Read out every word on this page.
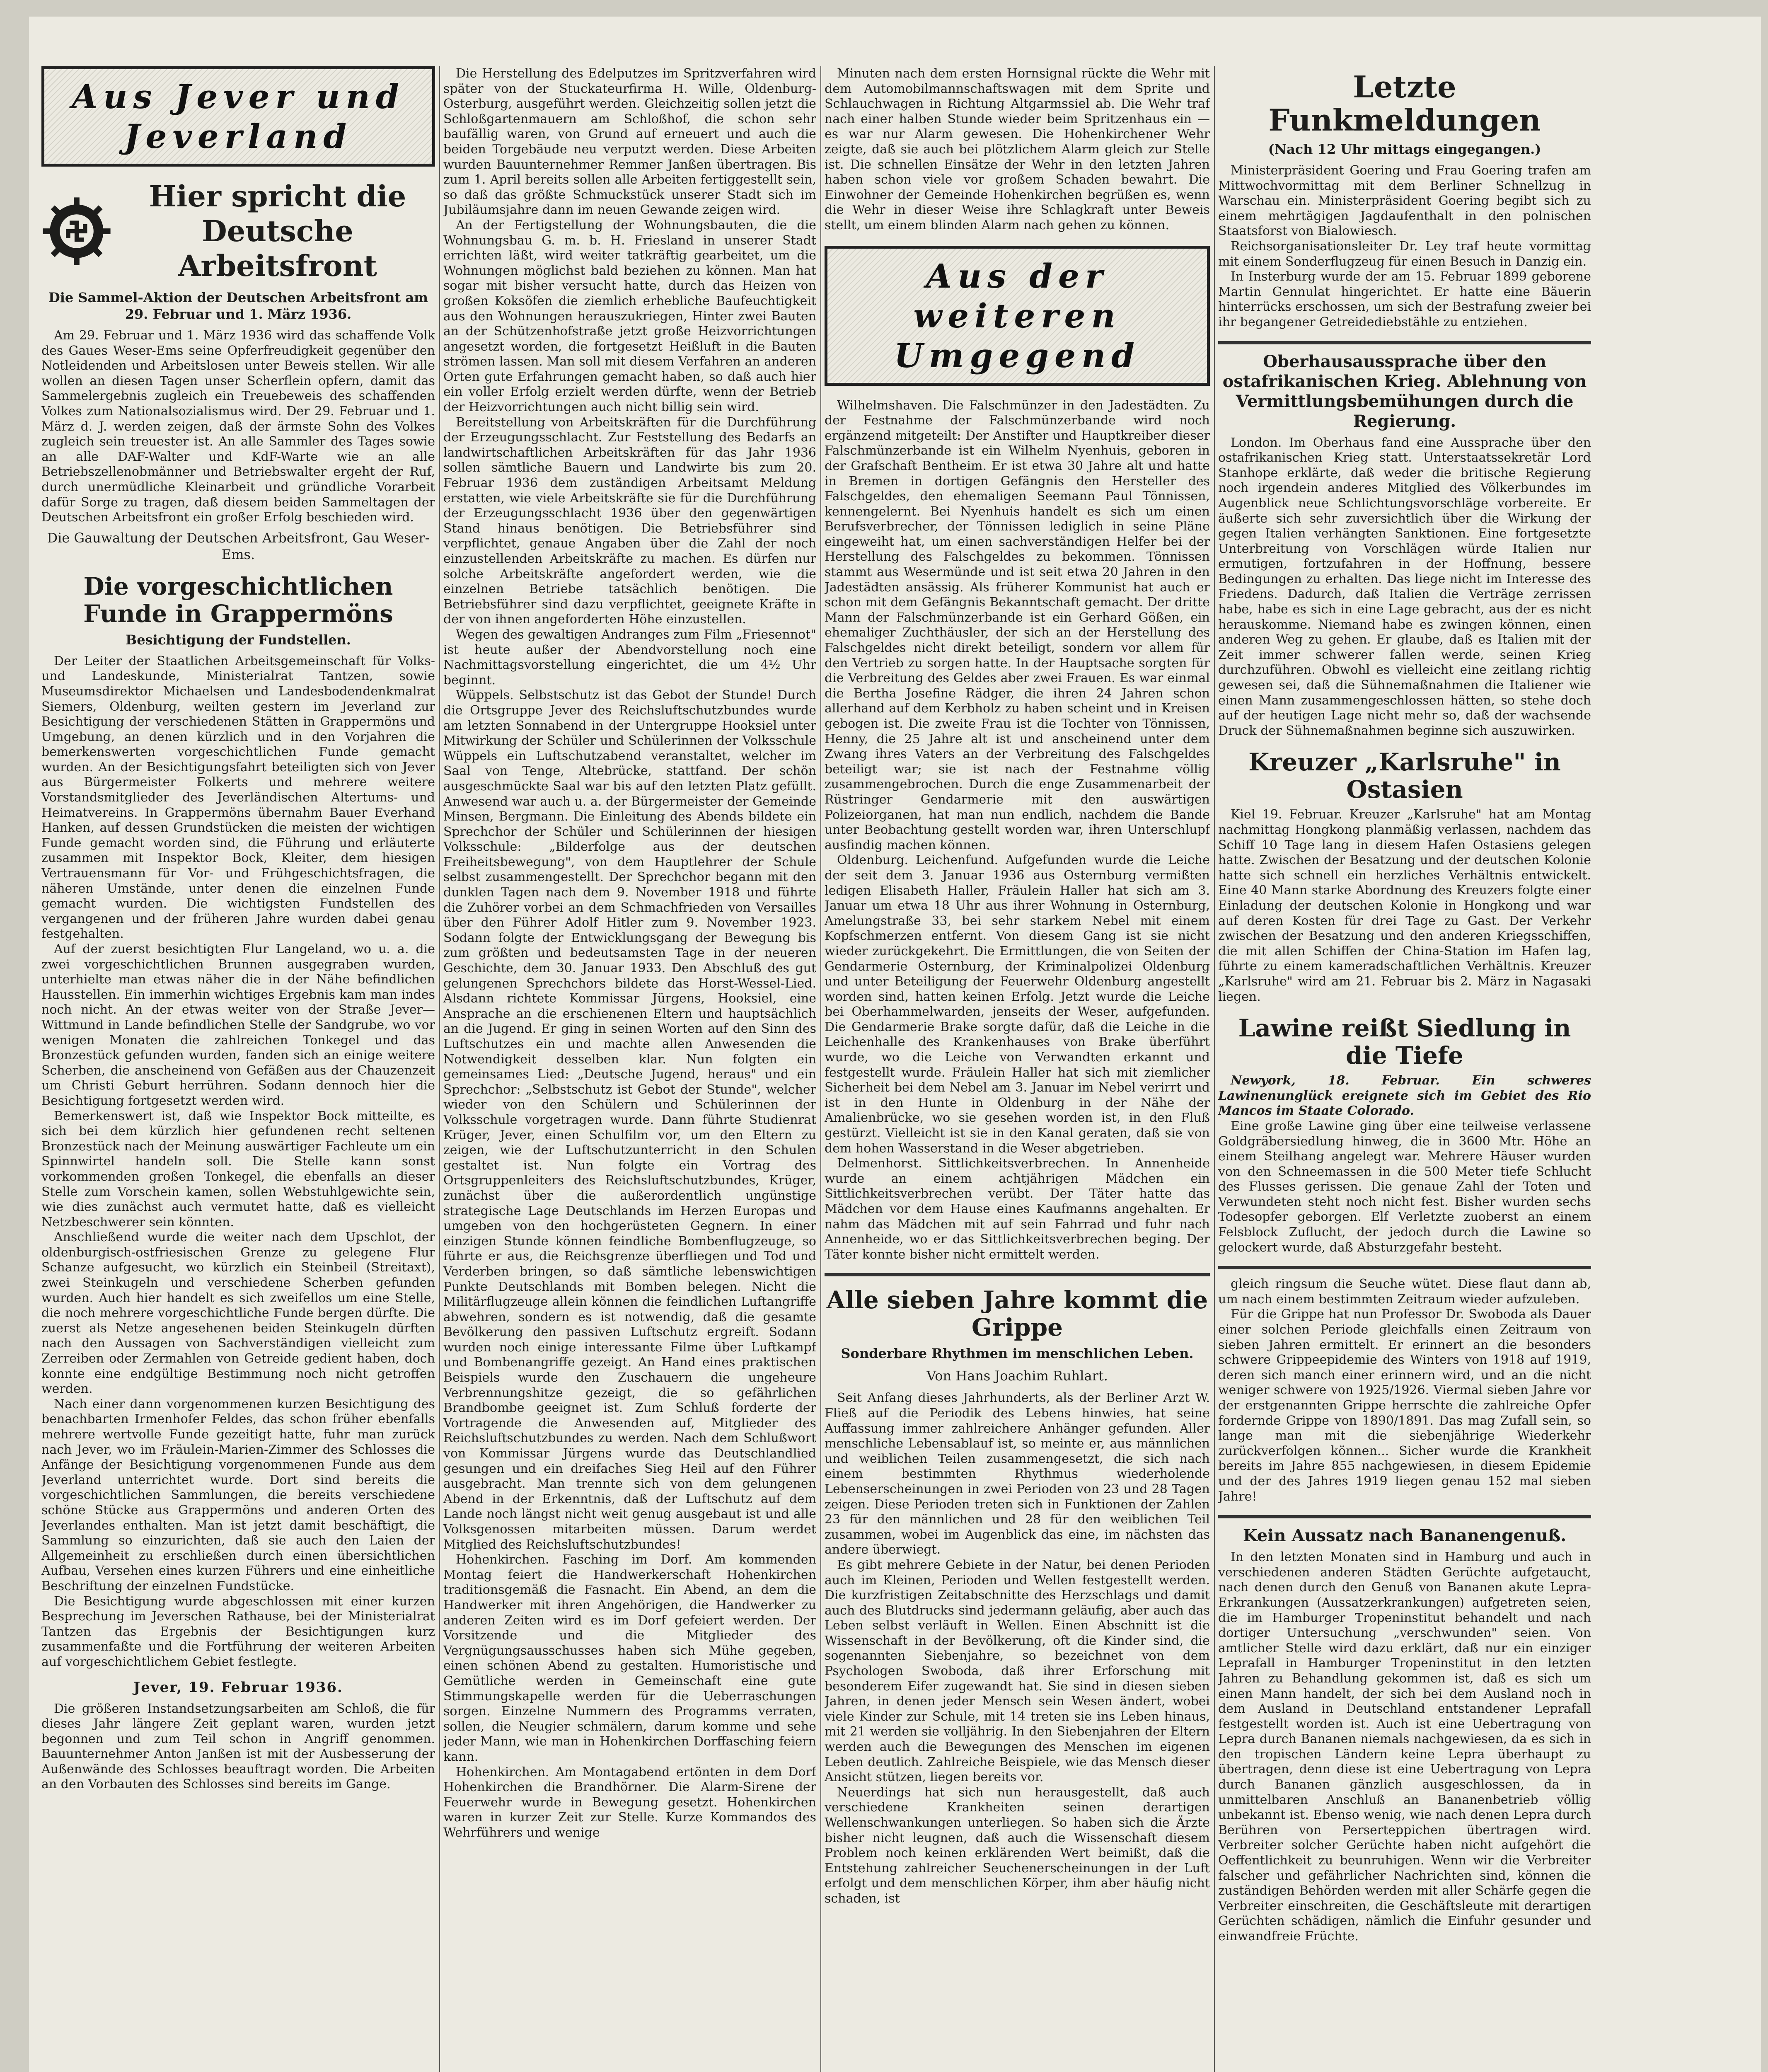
Aus Jever und Jeverland
Hier spricht die Deutsche Arbeitsfront
Die Sammel-Aktion der Deutschen Arbeitsfront am 29. Februar und 1. März 1936.

Am 29. Februar und 1. März 1936 wird das schaffende Volk des Gaues Weser-Ems seine Opferfreudigkeit gegenüber den Notleidenden und Arbeitslosen unter Beweis stellen. Wir alle wollen an diesen Tagen unser Scherflein opfern, damit das Sammelergebnis zugleich ein Treuebeweis des schaffenden Volkes zum Nationalsozialismus wird. Der 29. Februar und 1. März d. J. werden zeigen, daß der ärmste Sohn des Volkes zugleich sein treuester ist. An alle Sammler des Tages sowie an alle DAF-Walter und KdF-Warte wie an alle Betriebszellenobmänner und Betriebswalter ergeht der Ruf, durch unermüdliche Kleinarbeit und gründliche Vorarbeit dafür Sorge zu tragen, daß diesem beiden Sammeltagen der Deutschen Arbeitsfront ein großer Erfolg beschieden wird.

Die Gauwaltung der Deutschen Arbeitsfront, Gau Weser-Ems.
Die vorgeschichtlichen Funde in Grappermöns
Besichtigung der Fundstellen.

Der Leiter der Staatlichen Arbeitsgemeinschaft für Volks- und Landeskunde, Ministerialrat Tantzen, sowie Museumsdirektor Michaelsen und Landesbodendenkmalrat Siemers, Oldenburg, weilten gestern im Jeverland zur Besichtigung der verschiedenen Stätten in Grappermöns und Umgebung, an denen kürzlich und in den Vorjahren die bemerkenswerten vorgeschichtlichen Funde gemacht wurden. An der Besichtigungsfahrt beteiligten sich von Jever aus Bürgermeister Folkerts und mehrere weitere Vorstandsmitglieder des Jeverländischen Altertums- und Heimatvereins. In Grappermöns übernahm Bauer Everhand Hanken, auf dessen Grundstücken die meisten der wichtigen Funde gemacht worden sind, die Führung und erläuterte zusammen mit Inspektor Bock, Kleiter, dem hiesigen Vertrauensmann für Vor- und Frühgeschichtsfragen, die näheren Umstände, unter denen die einzelnen Funde gemacht wurden. Die wichtigsten Fundstellen des vergangenen und der früheren Jahre wurden dabei genau festgehalten.

Auf der zuerst besichtigten Flur Langeland, wo u. a. die zwei vorgeschichtlichen Brunnen ausgegraben wurden, unterhielte man etwas näher die in der Nähe befindlichen Hausstellen. Ein immerhin wichtiges Ergebnis kam man indes noch nicht. An der etwas weiter von der Straße Jever—Wittmund in Lande befindlichen Stelle der Sandgrube, wo vor wenigen Monaten die zahlreichen Tonkegel und das Bronzestück gefunden wurden, fanden sich an einige weitere Scherben, die anscheinend von Gefäßen aus der Chauzenzeit um Christi Geburt herrühren. Sodann dennoch hier die Besichtigung fortgesetzt werden wird.

Bemerkenswert ist, daß wie Inspektor Bock mitteilte, es sich bei dem kürzlich hier gefundenen recht seltenen Bronzestück nach der Meinung auswärtiger Fachleute um ein Spinnwirtel handeln soll. Die Stelle kann sonst vorkommenden großen Tonkegel, die ebenfalls an dieser Stelle zum Vorschein kamen, sollen Webstuhlgewichte sein, wie dies zunächst auch vermutet hatte, daß es vielleicht Netzbeschwerer sein könnten.

Anschließend wurde die weiter nach dem Upschlot, der oldenburgisch-ostfriesischen Grenze zu gelegene Flur Schanze aufgesucht, wo kürzlich ein Steinbeil (Streitaxt), zwei Steinkugeln und verschiedene Scherben gefunden wurden. Auch hier handelt es sich zweifellos um eine Stelle, die noch mehrere vorgeschichtliche Funde bergen dürfte. Die zuerst als Netze angesehenen beiden Steinkugeln dürften nach den Aussagen von Sachverständigen vielleicht zum Zerreiben oder Zermahlen von Getreide gedient haben, doch konnte eine endgültige Bestimmung noch nicht getroffen werden.

Nach einer dann vorgenommenen kurzen Besichtigung des benachbarten Irmenhofer Feldes, das schon früher ebenfalls mehrere wertvolle Funde gezeitigt hatte, fuhr man zurück nach Jever, wo im Fräulein-Marien-Zimmer des Schlosses die Anfänge der Besichtigung vorgenommenen Funde aus dem Jeverland unterrichtet wurde. Dort sind bereits die vorgeschichtlichen Sammlungen, die bereits verschiedene schöne Stücke aus Grappermöns und anderen Orten des Jeverlandes enthalten. Man ist jetzt damit beschäftigt, die Sammlung so einzurichten, daß sie auch den Laien der Allgemeinheit zu erschließen durch einen übersichtlichen Aufbau, Versehen eines kurzen Führers und eine einheitliche Beschriftung der einzelnen Fundstücke.

Die Besichtigung wurde abgeschlossen mit einer kurzen Besprechung im Jeverschen Rathause, bei der Ministerialrat Tantzen das Ergebnis der Besichtigungen kurz zusammenfaßte und die Fortführung der weiteren Arbeiten auf vorgeschichtlichem Gebiet festlegte.

Jever, 19. Februar 1936.

Die größeren Instandsetzungsarbeiten am Schloß, die für dieses Jahr längere Zeit geplant waren, wurden jetzt begonnen und zum Teil schon in Angriff genommen. Bauunternehmer Anton Janßen ist mit der Ausbesserung der Außenwände des Schlosses beauftragt worden. Die Arbeiten an den Vorbauten des Schlosses sind bereits im Gange.

Die Herstellung des Edelputzes im Spritzverfahren wird später von der Stuckateurfirma H. Wille, Oldenburg-Osterburg, ausgeführt werden. Gleichzeitig sollen jetzt die Schloßgartenmauern am Schloßhof, die schon sehr baufällig waren, von Grund auf erneuert und auch die beiden Torgebäude neu verputzt werden. Diese Arbeiten wurden Bauunternehmer Remmer Janßen übertragen. Bis zum 1. April bereits sollen alle Arbeiten fertiggestellt sein, so daß das größte Schmuckstück unserer Stadt sich im Jubiläumsjahre dann im neuen Gewande zeigen wird.

An der Fertigstellung der Wohnungsbauten, die die Wohnungsbau G. m. b. H. Friesland in unserer Stadt errichten läßt, wird weiter tatkräftig gearbeitet, um die Wohnungen möglichst bald beziehen zu können. Man hat sogar mit bisher versucht hatte, durch das Heizen von großen Koksöfen die ziemlich erhebliche Baufeuchtigkeit aus den Wohnungen herauszukriegen, Hinter zwei Bauten an der Schützenhofstraße jetzt große Heizvorrichtungen angesetzt worden, die fortgesetzt Heißluft in die Bauten strömen lassen. Man soll mit diesem Verfahren an anderen Orten gute Erfahrungen gemacht haben, so daß auch hier ein voller Erfolg erzielt werden dürfte, wenn der Betrieb der Heizvorrichtungen auch nicht billig sein wird.

Bereitstellung von Arbeitskräften für die Durchführung der Erzeugungsschlacht. Zur Feststellung des Bedarfs an landwirtschaftlichen Arbeitskräften für das Jahr 1936 sollen sämtliche Bauern und Landwirte bis zum 20. Februar 1936 dem zuständigen Arbeitsamt Meldung erstatten, wie viele Arbeitskräfte sie für die Durchführung der Erzeugungsschlacht 1936 über den gegenwärtigen Stand hinaus benötigen. Die Betriebsführer sind verpflichtet, genaue Angaben über die Zahl der noch einzustellenden Arbeitskräfte zu machen. Es dürfen nur solche Arbeitskräfte angefordert werden, wie die einzelnen Betriebe tatsächlich benötigen. Die Betriebsführer sind dazu verpflichtet, geeignete Kräfte in der von ihnen angeforderten Höhe einzustellen.

Wegen des gewaltigen Andranges zum Film „Friesennot" ist heute außer der Abendvorstellung noch eine Nachmittagsvorstellung eingerichtet, die um 4½ Uhr beginnt.

Wüppels. Selbstschutz ist das Gebot der Stunde! Durch die Ortsgruppe Jever des Reichsluftschutzbundes wurde am letzten Sonnabend in der Untergruppe Hooksiel unter Mitwirkung der Schüler und Schülerinnen der Volksschule Wüppels ein Luftschutzabend veranstaltet, welcher im Saal von Tenge, Altebrücke, stattfand. Der schön ausgeschmückte Saal war bis auf den letzten Platz gefüllt. Anwesend war auch u. a. der Bürgermeister der Gemeinde Minsen, Bergmann. Die Einleitung des Abends bildete ein Sprechchor der Schüler und Schülerinnen der hiesigen Volksschule: „Bilderfolge aus der deutschen Freiheitsbewegung", von dem Hauptlehrer der Schule selbst zusammengestellt. Der Sprechchor begann mit den dunklen Tagen nach dem 9. November 1918 und führte die Zuhörer vorbei an dem Schmachfrieden von Versailles über den Führer Adolf Hitler zum 9. November 1923. Sodann folgte der Entwicklungsgang der Bewegung bis zum größten und bedeutsamsten Tage in der neueren Geschichte, dem 30. Januar 1933. Den Abschluß des gut gelungenen Sprechchors bildete das Horst-Wessel-Lied. Alsdann richtete Kommissar Jürgens, Hooksiel, eine Ansprache an die erschienenen Eltern und hauptsächlich an die Jugend. Er ging in seinen Worten auf den Sinn des Luftschutzes ein und machte allen Anwesenden die Notwendigkeit desselben klar. Nun folgten ein gemeinsames Lied: „Deutsche Jugend, heraus" und ein Sprechchor: „Selbstschutz ist Gebot der Stunde", welcher wieder von den Schülern und Schülerinnen der Volksschule vorgetragen wurde. Dann führte Studienrat Krüger, Jever, einen Schulfilm vor, um den Eltern zu zeigen, wie der Luftschutzunterricht in den Schulen gestaltet ist. Nun folgte ein Vortrag des Ortsgruppenleiters des Reichsluftschutzbundes, Krüger, zunächst über die außerordentlich ungünstige strategische Lage Deutschlands im Herzen Europas und umgeben von den hochgerüsteten Gegnern. In einer einzigen Stunde können feindliche Bombenflugzeuge, so führte er aus, die Reichsgrenze überfliegen und Tod und Verderben bringen, so daß sämtliche lebenswichtigen Punkte Deutschlands mit Bomben belegen. Nicht die Militärflugzeuge allein können die feindlichen Luftangriffe abwehren, sondern es ist notwendig, daß die gesamte Bevölkerung den passiven Luftschutz ergreift. Sodann wurden noch einige interessante Filme über Luftkampf und Bombenangriffe gezeigt. An Hand eines praktischen Beispiels wurde den Zuschauern die ungeheure Verbrennungshitze gezeigt, die so gefährlichen Brandbombe geeignet ist. Zum Schluß forderte der Vortragende die Anwesenden auf, Mitglieder des Reichsluftschutzbundes zu werden. Nach dem Schlußwort von Kommissar Jürgens wurde das Deutschlandlied gesungen und ein dreifaches Sieg Heil auf den Führer ausgebracht. Man trennte sich von dem gelungenen Abend in der Erkenntnis, daß der Luftschutz auf dem Lande noch längst nicht weit genug ausgebaut ist und alle Volksgenossen mitarbeiten müssen. Darum werdet Mitglied des Reichsluftschutzbundes!

Hohenkirchen. Fasching im Dorf. Am kommenden Montag feiert die Handwerkerschaft Hohenkirchen traditionsgemäß die Fasnacht. Ein Abend, an dem die Handwerker mit ihren Angehörigen, die Handwerker zu anderen Zeiten wird es im Dorf gefeiert werden. Der Vorsitzende und die Mitglieder des Vergnügungsausschusses haben sich Mühe gegeben, einen schönen Abend zu gestalten. Humoristische und Gemütliche werden in Gemeinschaft eine gute Stimmungskapelle werden für die Ueberraschungen sorgen. Einzelne Nummern des Programms verraten, sollen, die Neugier schmälern, darum komme und sehe jeder Mann, wie man in Hohenkirchen Dorffasching feiern kann.

Hohenkirchen. Am Montagabend ertönten in dem Dorf Hohenkirchen die Brandhörner. Die Alarm-Sirene der Feuerwehr wurde in Bewegung gesetzt. Hohenkirchen waren in kurzer Zeit zur Stelle. Kurze Kommandos des Wehrführers und wenige

Minuten nach dem ersten Hornsignal rückte die Wehr mit dem Automobilmannschaftswagen mit dem Sprite und Schlauchwagen in Richtung Altgarmssiel ab. Die Wehr traf nach einer halben Stunde wieder beim Spritzenhaus ein — es war nur Alarm gewesen. Die Hohenkirchener Wehr zeigte, daß sie auch bei plötzlichem Alarm gleich zur Stelle ist. Die schnellen Einsätze der Wehr in den letzten Jahren haben schon viele vor großem Schaden bewahrt. Die Einwohner der Gemeinde Hohenkirchen begrüßen es, wenn die Wehr in dieser Weise ihre Schlagkraft unter Beweis stellt, um einem blinden Alarm nach gehen zu können.

Aus der weiteren Umgegend

Wilhelmshaven. Die Falschmünzer in den Jadestädten. Zu der Festnahme der Falschmünzerbande wird noch ergänzend mitgeteilt: Der Anstifter und Hauptkreiber dieser Falschmünzerbande ist ein Wilhelm Nyenhuis, geboren in der Grafschaft Bentheim. Er ist etwa 30 Jahre alt und hatte in Bremen in dortigen Gefängnis den Hersteller des Falschgeldes, den ehemaligen Seemann Paul Tönnissen, kennengelernt. Bei Nyenhuis handelt es sich um einen Berufsverbrecher, der Tönnissen lediglich in seine Pläne eingeweiht hat, um einen sachverständigen Helfer bei der Herstellung des Falschgeldes zu bekommen. Tönnissen stammt aus Wesermünde und ist seit etwa 20 Jahren in den Jadestädten ansässig. Als früherer Kommunist hat auch er schon mit dem Gefängnis Bekanntschaft gemacht. Der dritte Mann der Falschmünzerbande ist ein Gerhard Gößen, ein ehemaliger Zuchthäusler, der sich an der Herstellung des Falschgeldes nicht direkt beteiligt, sondern vor allem für den Vertrieb zu sorgen hatte. In der Hauptsache sorgten für die Verbreitung des Geldes aber zwei Frauen. Es war einmal die Bertha Josefine Rädger, die ihren 24 Jahren schon allerhand auf dem Kerbholz zu haben scheint und in Kreisen gebogen ist. Die zweite Frau ist die Tochter von Tönnissen, Henny, die 25 Jahre alt ist und anscheinend unter dem Zwang ihres Vaters an der Verbreitung des Falschgeldes beteiligt war; sie ist nach der Festnahme völlig zusammengebrochen. Durch die enge Zusammenarbeit der Rüstringer Gendarmerie mit den auswärtigen Polizeiorganen, hat man nun endlich, nachdem die Bande unter Beobachtung gestellt worden war, ihren Unterschlupf ausfindig machen können.

Oldenburg. Leichenfund. Aufgefunden wurde die Leiche der seit dem 3. Januar 1936 aus Osternburg vermißten ledigen Elisabeth Haller, Fräulein Haller hat sich am 3. Januar um etwa 18 Uhr aus ihrer Wohnung in Osternburg, Amelungstraße 33, bei sehr starkem Nebel mit einem Kopfschmerzen entfernt. Von diesem Gang ist sie nicht wieder zurückgekehrt. Die Ermittlungen, die von Seiten der Gendarmerie Osternburg, der Kriminalpolizei Oldenburg und unter Beteiligung der Feuerwehr Oldenburg angestellt worden sind, hatten keinen Erfolg. Jetzt wurde die Leiche bei Oberhammelwarden, jenseits der Weser, aufgefunden. Die Gendarmerie Brake sorgte dafür, daß die Leiche in die Leichenhalle des Krankenhauses von Brake überführt wurde, wo die Leiche von Verwandten erkannt und festgestellt wurde. Fräulein Haller hat sich mit ziemlicher Sicherheit bei dem Nebel am 3. Januar im Nebel verirrt und ist in den Hunte in Oldenburg in der Nähe der Amalienbrücke, wo sie gesehen worden ist, in den Fluß gestürzt. Vielleicht ist sie in den Kanal geraten, daß sie von dem hohen Wasserstand in die Weser abgetrieben.

Delmenhorst. Sittlichkeitsverbrechen. In Annenheide wurde an einem achtjährigen Mädchen ein Sittlichkeitsverbrechen verübt. Der Täter hatte das Mädchen vor dem Hause eines Kaufmanns angehalten. Er nahm das Mädchen mit auf sein Fahrrad und fuhr nach Annenheide, wo er das Sittlichkeitsverbrechen beging. Der Täter konnte bisher nicht ermittelt werden.

Alle sieben Jahre kommt die Grippe
Sonderbare Rhythmen im menschlichen Leben.
Von Hans Joachim Ruhlart.

Seit Anfang dieses Jahrhunderts, als der Berliner Arzt W. Fließ auf die Periodik des Lebens hinwies, hat seine Auffassung immer zahlreichere Anhänger gefunden. Aller menschliche Lebensablauf ist, so meinte er, aus männlichen und weiblichen Teilen zusammengesetzt, die sich nach einem bestimmten Rhythmus wiederholende Lebenserscheinungen in zwei Perioden von 23 und 28 Tagen zeigen. Diese Perioden treten sich in Funktionen der Zahlen 23 für den männlichen und 28 für den weiblichen Teil zusammen, wobei im Augenblick das eine, im nächsten das andere überwiegt.

Es gibt mehrere Gebiete in der Natur, bei denen Perioden auch im Kleinen, Perioden und Wellen festgestellt werden. Die kurzfristigen Zeitabschnitte des Herzschlags und damit auch des Blutdrucks sind jedermann geläufig, aber auch das Leben selbst verläuft in Wellen. Einen Abschnitt ist die Wissenschaft in der Bevölkerung, oft die Kinder sind, die sogenannten Siebenjahre, so bezeichnet von dem Psychologen Swoboda, daß ihrer Erforschung mit besonderem Eifer zugewandt hat. Sie sind in diesen sieben Jahren, in denen jeder Mensch sein Wesen ändert, wobei viele Kinder zur Schule, mit 14 treten sie ins Leben hinaus, mit 21 werden sie volljährig. In den Siebenjahren der Eltern werden auch die Bewegungen des Menschen im eigenen Leben deutlich. Zahlreiche Beispiele, wie das Mensch dieser Ansicht stützen, liegen bereits vor.

Neuerdings hat sich nun herausgestellt, daß auch verschiedene Krankheiten seinen derartigen Wellenschwankungen unterliegen. So haben sich die Ärzte bisher nicht leugnen, daß auch die Wissenschaft diesem Problem noch keinen erklärenden Wert beimißt, daß die Entstehung zahlreicher Seuchenerscheinungen in der Luft erfolgt und dem menschlichen Körper, ihm aber häufig nicht schaden, ist

Letzte Funkmeldungen
(Nach 12 Uhr mittags eingegangen.)

Ministerpräsident Goering und Frau Goering trafen am Mittwochvormittag mit dem Berliner Schnellzug in Warschau ein. Ministerpräsident Goering begibt sich zu einem mehrtägigen Jagdaufenthalt in den polnischen Staatsforst von Bialowiesch.

Reichsorganisationsleiter Dr. Ley traf heute vormittag mit einem Sonderflugzeug für einen Besuch in Danzig ein.

In Insterburg wurde der am 15. Februar 1899 geborene Martin Gennulat hingerichtet. Er hatte eine Bäuerin hinterrücks erschossen, um sich der Bestrafung zweier bei ihr begangener Getreidediebstähle zu entziehen.

Oberhausaussprache über den ostafrikanischen Krieg. Ablehnung von Vermittlungsbemühungen durch die Regierung.

London. Im Oberhaus fand eine Aussprache über den ostafrikanischen Krieg statt. Unterstaatssekretär Lord Stanhope erklärte, daß weder die britische Regierung noch irgendein anderes Mitglied des Völkerbundes im Augenblick neue Schlichtungsvorschläge vorbereite. Er äußerte sich sehr zuversichtlich über die Wirkung der gegen Italien verhängten Sanktionen. Eine fortgesetzte Unterbreitung von Vorschlägen würde Italien nur ermutigen, fortzufahren in der Hoffnung, bessere Bedingungen zu erhalten. Das liege nicht im Interesse des Friedens. Dadurch, daß Italien die Verträge zerrissen habe, habe es sich in eine Lage gebracht, aus der es nicht herauskomme. Niemand habe es zwingen können, einen anderen Weg zu gehen. Er glaube, daß es Italien mit der Zeit immer schwerer fallen werde, seinen Krieg durchzuführen. Obwohl es vielleicht eine zeitlang richtig gewesen sei, daß die Sühnemaßnahmen die Italiener wie einen Mann zusammengeschlossen hätten, so stehe doch auf der heutigen Lage nicht mehr so, daß der wachsende Druck der Sühnemaßnahmen beginne sich auszuwirken.

Kreuzer „Karlsruhe" in Ostasien

Kiel 19. Februar. Kreuzer „Karlsruhe" hat am Montag nachmittag Hongkong planmäßig verlassen, nachdem das Schiff 10 Tage lang in diesem Hafen Ostasiens gelegen hatte. Zwischen der Besatzung und der deutschen Kolonie hatte sich schnell ein herzliches Verhältnis entwickelt. Eine 40 Mann starke Abordnung des Kreuzers folgte einer Einladung der deutschen Kolonie in Hongkong und war auf deren Kosten für drei Tage zu Gast. Der Verkehr zwischen der Besatzung und den anderen Kriegsschiffen, die mit allen Schiffen der China-Station im Hafen lag, führte zu einem kameradschaftlichen Verhältnis. Kreuzer „Karlsruhe" wird am 21. Februar bis 2. März in Nagasaki liegen.

Lawine reißt Siedlung in die Tiefe

Newyork, 18. Februar. Ein schweres Lawinenunglück ereignete sich im Gebiet des Rio Mancos im Staate Colorado.

Eine große Lawine ging über eine teilweise verlassene Goldgräbersiedlung hinweg, die in 3600 Mtr. Höhe an einem Steilhang angelegt war. Mehrere Häuser wurden von den Schneemassen in die 500 Meter tiefe Schlucht des Flusses gerissen. Die genaue Zahl der Toten und Verwundeten steht noch nicht fest. Bisher wurden sechs Todesopfer geborgen. Elf Verletzte zuoberst an einem Felsblock Zuflucht, der jedoch durch die Lawine so gelockert wurde, daß Absturzgefahr besteht.

gleich ringsum die Seuche wütet. Diese flaut dann ab, um nach einem bestimmten Zeitraum wieder aufzuleben.

Für die Grippe hat nun Professor Dr. Swoboda als Dauer einer solchen Periode gleichfalls einen Zeitraum von sieben Jahren ermittelt. Er erinnert an die besonders schwere Grippeepidemie des Winters von 1918 auf 1919, deren sich manch einer erinnern wird, und an die nicht weniger schwere von 1925/1926. Viermal sieben Jahre vor der erstgenannten Grippe herrschte die zahlreiche Opfer fordernde Grippe von 1890/1891. Das mag Zufall sein, so lange man mit die siebenjährige Wiederkehr zurückverfolgen können... Sicher wurde die Krankheit bereits im Jahre 855 nachgewiesen, in diesem Epidemie und der des Jahres 1919 liegen genau 152 mal sieben Jahre!

Kein Aussatz nach Bananengenuß.

In den letzten Monaten sind in Hamburg und auch in verschiedenen anderen Städten Gerüchte aufgetaucht, nach denen durch den Genuß von Bananen akute Lepra-Erkrankungen (Aussatzerkrankungen) aufgetreten seien, die im Hamburger Tropeninstitut behandelt und nach dortiger Untersuchung „verschwunden" seien. Von amtlicher Stelle wird dazu erklärt, daß nur ein einziger Leprafall in Hamburger Tropeninstitut in den letzten Jahren zu Behandlung gekommen ist, daß es sich um einen Mann handelt, der sich bei dem Ausland noch in dem Ausland in Deutschland entstandener Leprafall festgestellt worden ist. Auch ist eine Uebertragung von Lepra durch Bananen niemals nachgewiesen, da es sich in den tropischen Ländern keine Lepra überhaupt zu übertragen, denn diese ist eine Uebertragung von Lepra durch Bananen gänzlich ausgeschlossen, da in unmittelbaren Anschluß an Bananenbetrieb völlig unbekannt ist. Ebenso wenig, wie nach denen Lepra durch Berühren von Perserteppichen übertragen wird. Verbreiter solcher Gerüchte haben nicht aufgehört die Oeffentlichkeit zu beunruhigen. Wenn wir die Verbreiter falscher und gefährlicher Nachrichten sind, können die zuständigen Behörden werden mit aller Schärfe gegen die Verbreiter einschreiten, die Geschäftsleute mit derartigen Gerüchten schädigen, nämlich die Einfuhr gesunder und einwandfreie Früchte.
